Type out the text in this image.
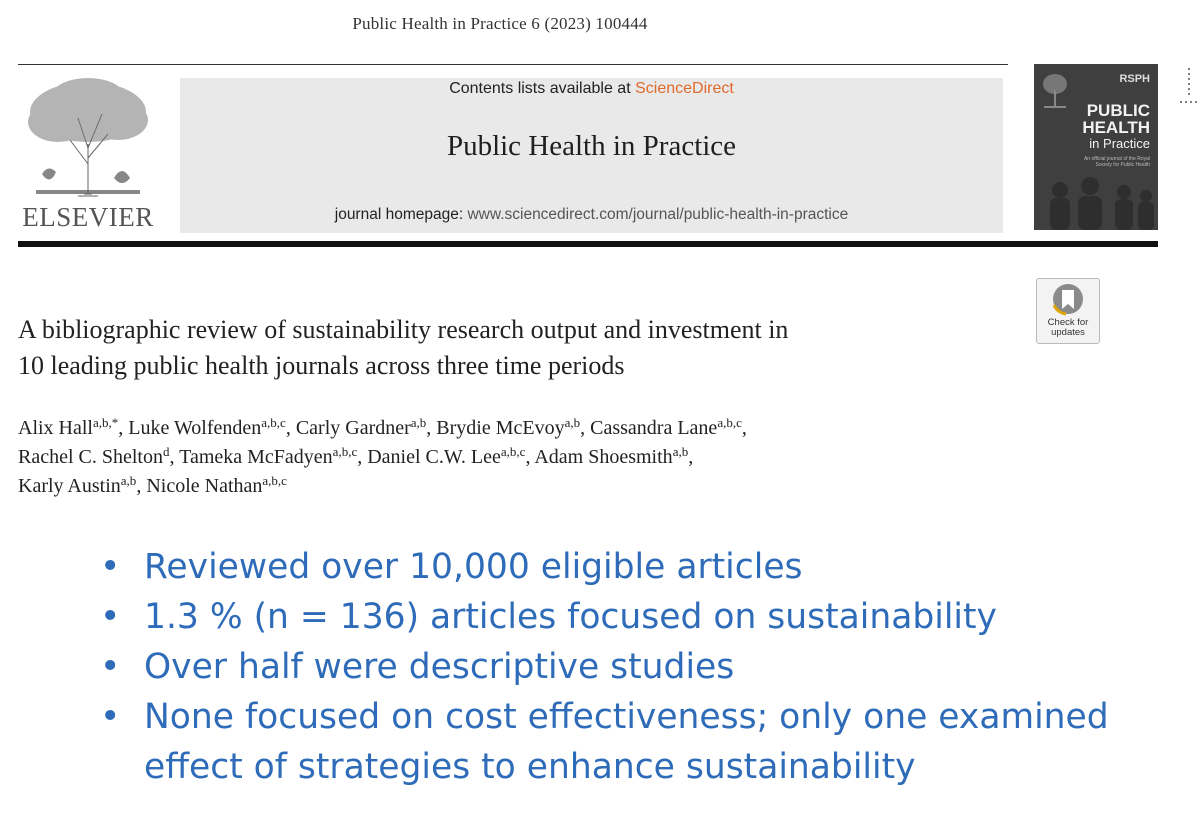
Public Health in Practice 6 (2023) 100444
ELSEVIER
Contents lists available at ScienceDirect
Public Health in Practice
journal homepage: www.sciencedirect.com/journal/public-health-in-practice
RSPH
PUBLIC
HEALTH
in Practice
An official journal of the Royal Society for Public Health
Check for
updates
A bibliographic review of sustainability research output and investment in
10 leading public health journals across three time periods
Alix Hall$^{a,b,*}$, Luke Wolfenden$^{a,b,c}$, Carly Gardner$^{a,b}$, Brydie McEvoy$^{a,b}$, Cassandra Lane$^{a,b,c}$,
Rachel C. Shelton$^d$, Tameka McFadyen$^{a,b,c}$, Daniel C.W. Lee$^{a,b,c}$, Adam Shoesmith$^{a,b}$,
Karly Austin$^{a,b}$, Nicole Nathan$^{a,b,c}$
• Reviewed over 10,000 eligible articles
• 1.3 % (n = 136) articles focused on sustainability
• Over half were descriptive studies
• None focused on cost effectiveness; only one examined effect of strategies to enhance sustainability
